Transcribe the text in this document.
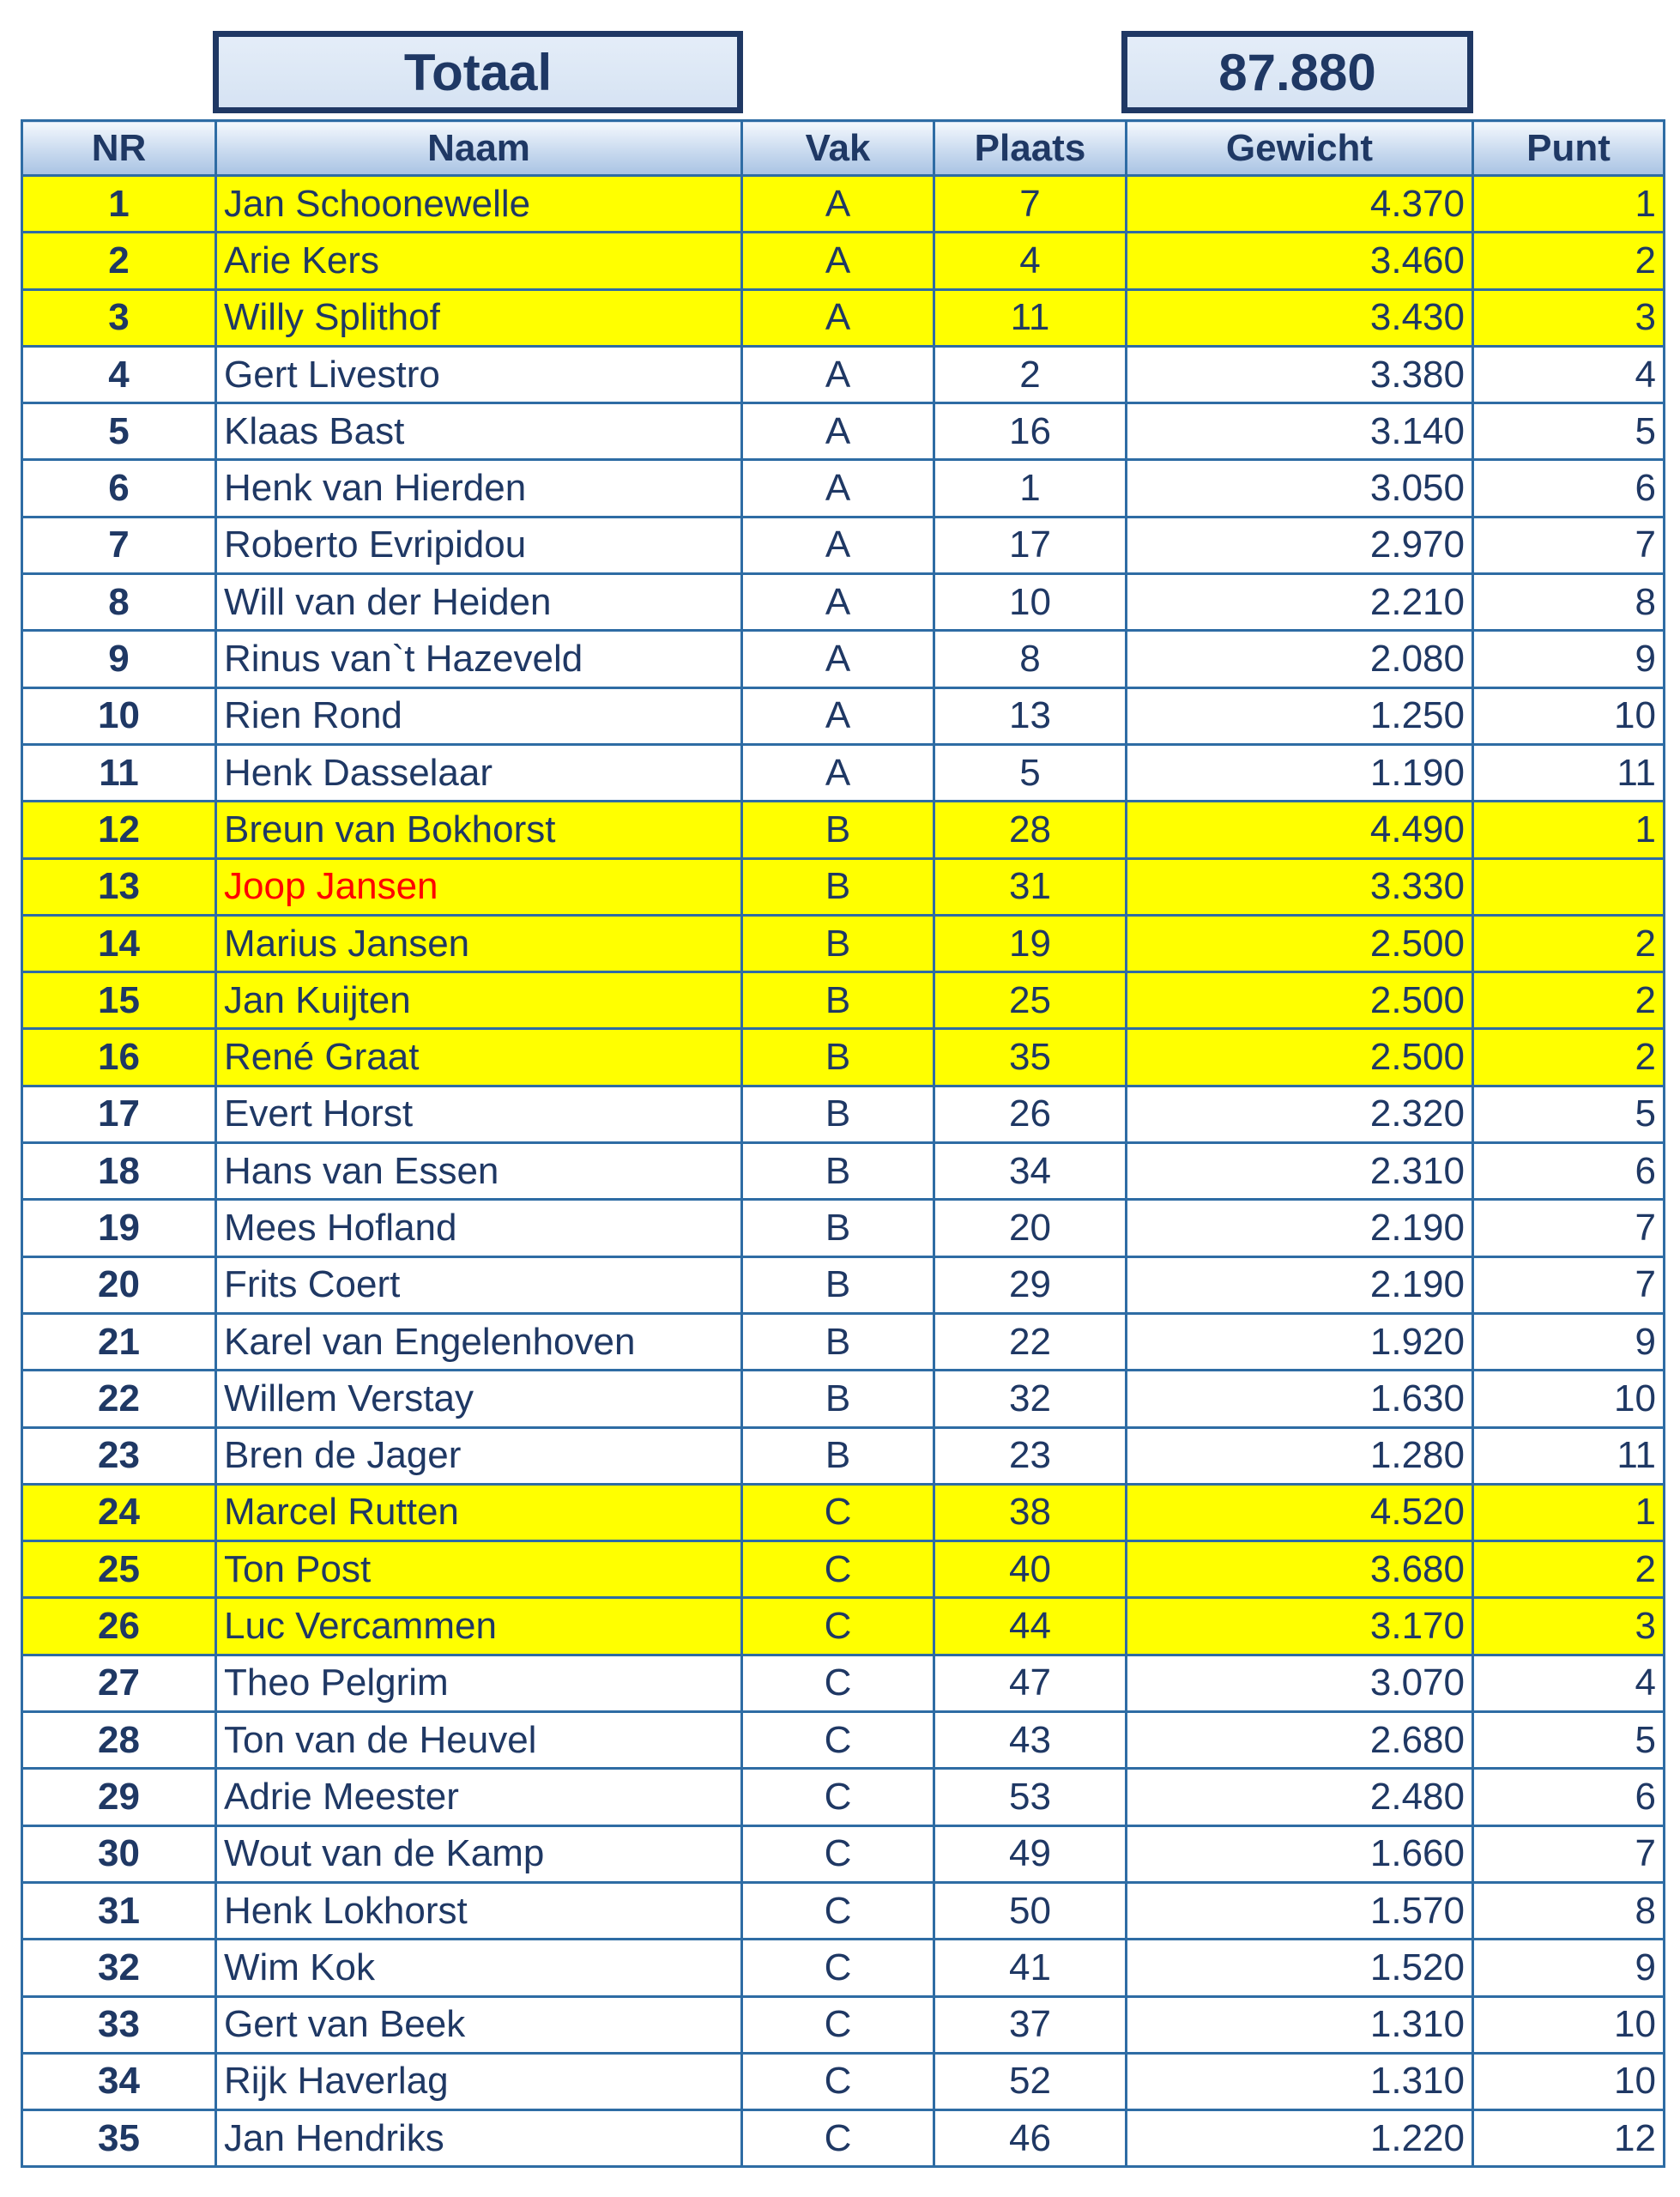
Totaal	87.880
NR	Naam	Vak	Plaats	Gewicht	Punt
1	Jan Schoonewelle	A	7	4.370	1
2	Arie Kers	A	4	3.460	2
3	Willy Splithof	A	11	3.430	3
4	Gert Livestro	A	2	3.380	4
5	Klaas Bast	A	16	3.140	5
6	Henk van Hierden	A	1	3.050	6
7	Roberto Evripidou	A	17	2.970	7
8	Will van der Heiden	A	10	2.210	8
9	Rinus van`t Hazeveld	A	8	2.080	9
10	Rien Rond	A	13	1.250	10
11	Henk Dasselaar	A	5	1.190	11
12	Breun van Bokhorst	B	28	4.490	1
13	Joop Jansen	B	31	3.330	
14	Marius Jansen	B	19	2.500	2
15	Jan Kuijten	B	25	2.500	2
16	René Graat	B	35	2.500	2
17	Evert Horst	B	26	2.320	5
18	Hans van Essen	B	34	2.310	6
19	Mees Hofland	B	20	2.190	7
20	Frits Coert	B	29	2.190	7
21	Karel van Engelenhoven	B	22	1.920	9
22	Willem Verstay	B	32	1.630	10
23	Bren de Jager	B	23	1.280	11
24	Marcel Rutten	C	38	4.520	1
25	Ton Post	C	40	3.680	2
26	Luc Vercammen	C	44	3.170	3
27	Theo Pelgrim	C	47	3.070	4
28	Ton van de Heuvel	C	43	2.680	5
29	Adrie Meester	C	53	2.480	6
30	Wout van de Kamp	C	49	1.660	7
31	Henk Lokhorst	C	50	1.570	8
32	Wim Kok	C	41	1.520	9
33	Gert van Beek	C	37	1.310	10
34	Rijk Haverlag	C	52	1.310	10
35	Jan Hendriks	C	46	1.220	12
